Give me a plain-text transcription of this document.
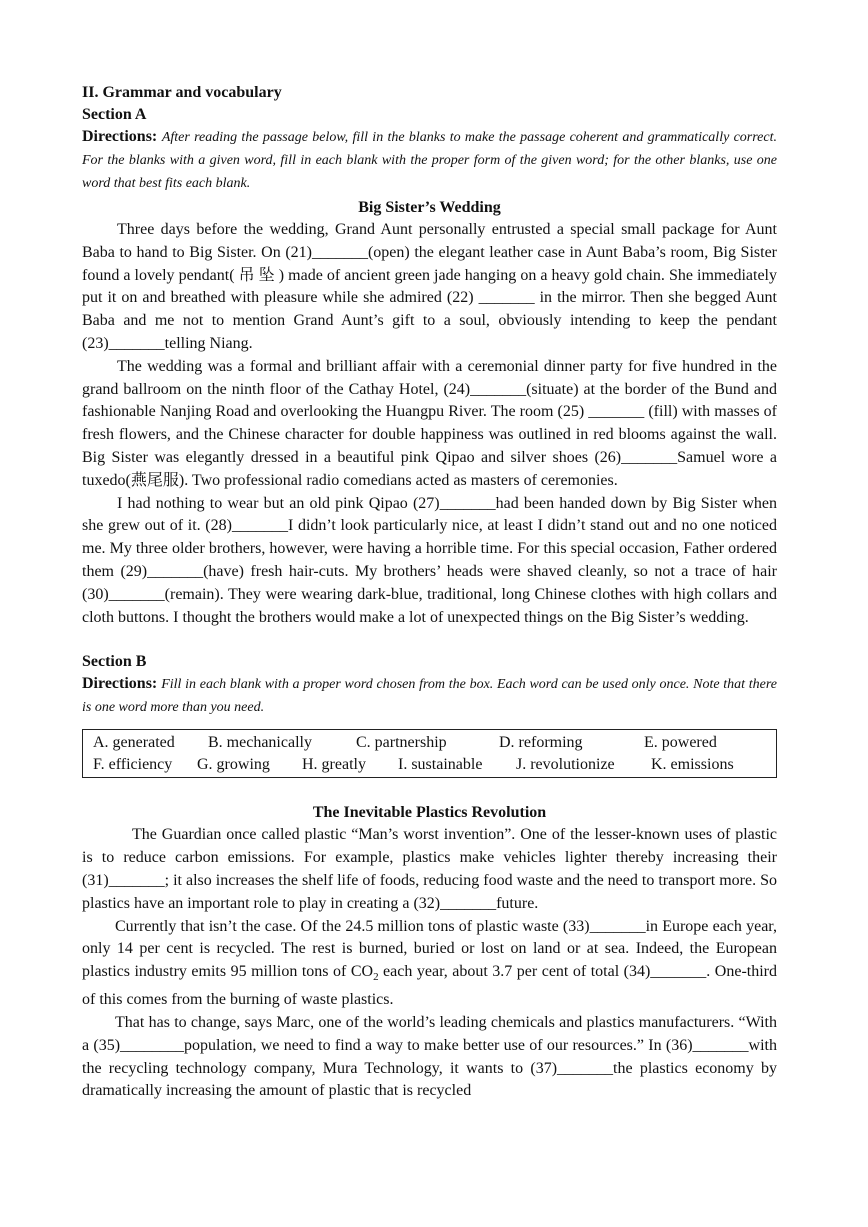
II. Grammar and vocabulary
Section A
Directions: After reading the passage below, fill in the blanks to make the passage coherent and grammatically correct. For the blanks with a given word, fill in each blank with the proper form of the given word; for the other blanks, use one word that best fits each blank.
Big Sister’s Wedding

Three days before the wedding, Grand Aunt personally entrusted a special small package for Aunt Baba to hand to Big Sister. On (21)_______(open) the elegant leather case in Aunt Baba’s room, Big Sister found a lovely pendant( 吊 坠 ) made of ancient green jade hanging on a heavy gold chain. She immediately put it on and breathed with pleasure while she admired (22) _______ in the mirror. Then she begged Aunt Baba and me not to mention Grand Aunt’s gift to a soul, obviously intending to keep the pendant (23)_______telling Niang.

The wedding was a formal and brilliant affair with a ceremonial dinner party for five hundred in the grand ballroom on the ninth floor of the Cathay Hotel, (24)_______(situate) at the border of the Bund and fashionable Nanjing Road and overlooking the Huangpu River. The room (25) _______ (fill) with masses of fresh flowers, and the Chinese character for double happiness was outlined in red blooms against the wall. Big Sister was elegantly dressed in a beautiful pink Qipao and silver shoes (26)_______Samuel wore a tuxedo(燕尾服). Two professional radio comedians acted as masters of ceremonies.

I had nothing to wear but an old pink Qipao (27)_______had been handed down by Big Sister when she grew out of it. (28)_______I didn’t look particularly nice, at least I didn’t stand out and no one noticed me. My three older brothers, however, were having a horrible time. For this special occasion, Father ordered them (29)_______(have) fresh hair-cuts. My brothers’ heads were shaved cleanly, so not a trace of hair (30)_______(remain). They were wearing dark-blue, traditional, long Chinese clothes with high collars and cloth buttons. I thought the brothers would make a lot of unexpected things on the Big Sister’s wedding.

Section B
Directions: Fill in each blank with a proper word chosen from the box. Each word can be used only once. Note that there is one word more than you need.
A. generated	B. mechanically	C. partnership	D. reforming	E. powered
F. efficiency	G. growing	H. greatly	I. sustainable	J. revolutionize	K. emissions
The Inevitable Plastics Revolution

The Guardian once called plastic “Man’s worst invention”. One of the lesser-known uses of plastic is to reduce carbon emissions. For example, plastics make vehicles lighter thereby increasing their (31)_______; it also increases the shelf life of foods, reducing food waste and the need to transport more. So plastics have an important role to play in creating a (32)_______future.

Currently that isn’t the case. Of the 24.5 million tons of plastic waste (33)_______in Europe each year, only 14 per cent is recycled. The rest is burned, buried or lost on land or at sea. Indeed, the European plastics industry emits 95 million tons of $CO_2$ each year, about 3.7 per cent of total (34)_______. One-third of this comes from the burning of waste plastics.

That has to change, says Marc, one of the world’s leading chemicals and plastics manufacturers. “With a (35)________population, we need to find a way to make better use of our resources.” In (36)_______with the recycling technology company, Mura Technology, it wants to (37)_______the plastics economy by dramatically increasing the amount of plastic that is recycled
